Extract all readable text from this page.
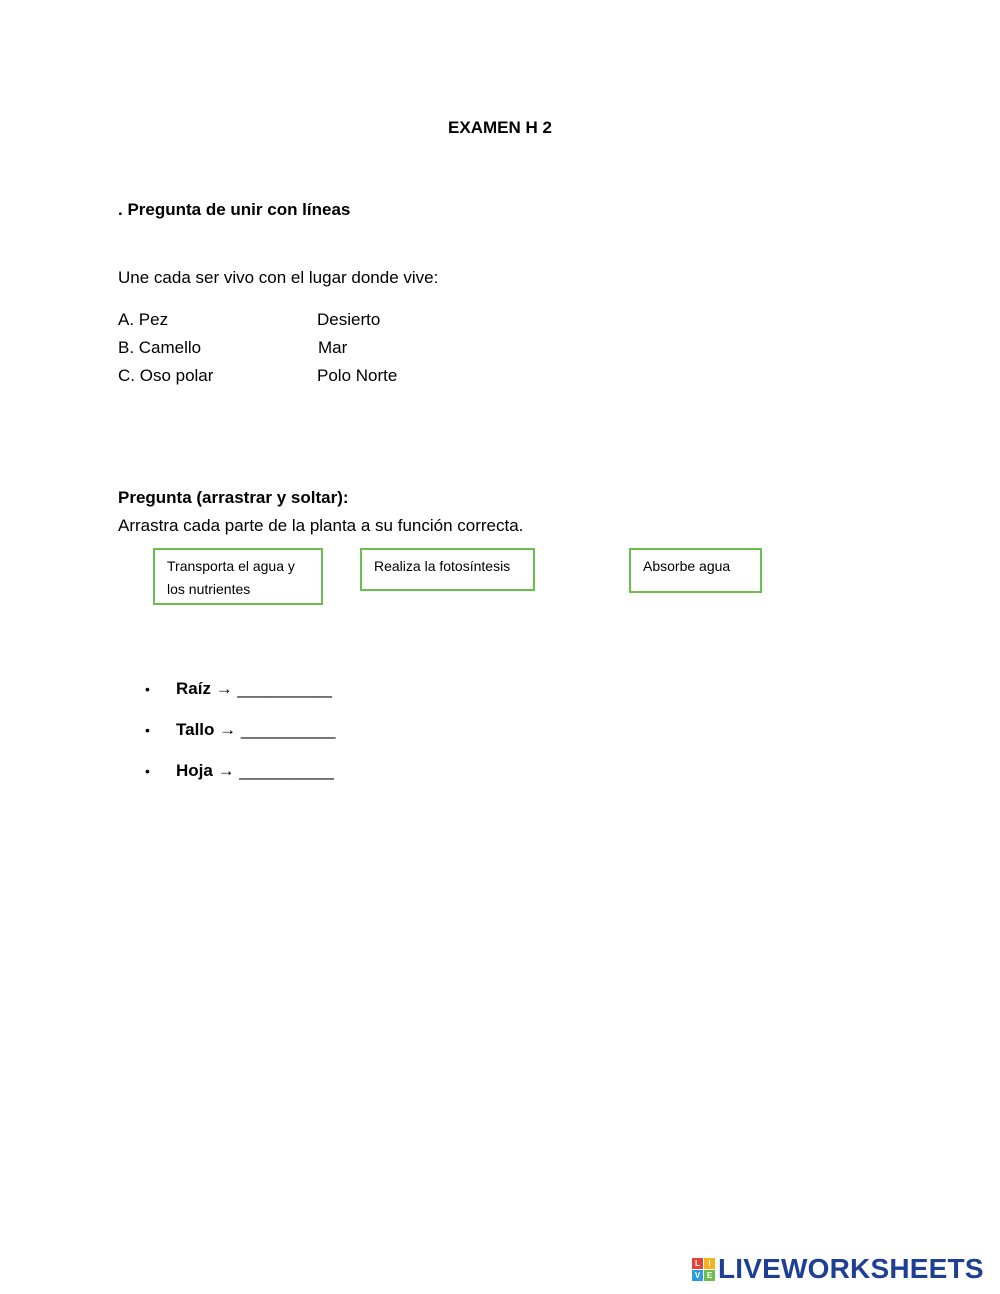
EXAMEN H 2
. Pregunta de unir con líneas
Une cada ser vivo con el lugar donde vive:
A. Pez	Desierto
B. Camello	Mar
C. Oso polar	Polo Norte
Pregunta (arrastrar y soltar):
Arrastra cada parte de la planta a su función correcta.
Transporta el agua y
los nutrientes
Realiza la fotosíntesis	Absorbe agua
• Raíz → __________
• Tallo → __________
• Hoja → __________
L	I
V E LIVEWORKSHEETS
